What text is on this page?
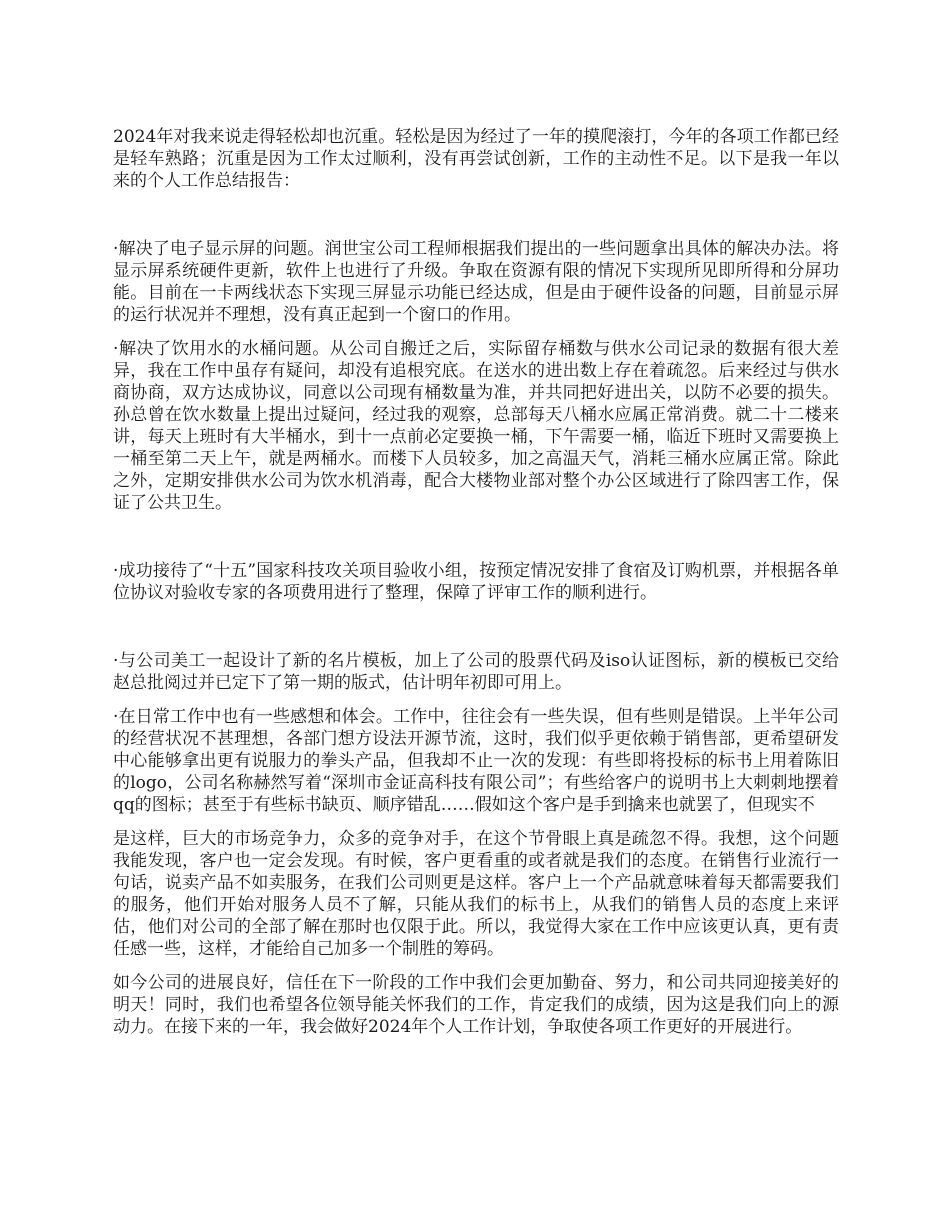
2024年对我来说走得轻松却也沉重。轻松是因为经过了一年的摸爬滚打，今年的各项工作都已经是轻车熟路；沉重是因为工作太过顺利，没有再尝试创新，工作的主动性不足。以下是我一年以来的个人工作总结报告：

·解决了电子显示屏的问题。润世宝公司工程师根据我们提出的一些问题拿出具体的解决办法。将显示屏系统硬件更新，软件上也进行了升级。争取在资源有限的情况下实现所见即所得和分屏功能。目前在一卡两线状态下实现三屏显示功能已经达成，但是由于硬件设备的问题，目前显示屏的运行状况并不理想，没有真正起到一个窗口的作用。

·解决了饮用水的水桶问题。从公司自搬迁之后，实际留存桶数与供水公司记录的数据有很大差异，我在工作中虽存有疑问，却没有追根究底。在送水的进出数上存在着疏忽。后来经过与供水商协商，双方达成协议，同意以公司现有桶数量为准，并共同把好进出关，以防不必要的损失。孙总曾在饮水数量上提出过疑问，经过我的观察，总部每天八桶水应属正常消费。就二十二楼来讲，每天上班时有大半桶水，到十一点前必定要换一桶，下午需要一桶，临近下班时又需要换上一桶至第二天上午，就是两桶水。而楼下人员较多，加之高温天气，消耗三桶水应属正常。除此之外，定期安排供水公司为饮水机消毒，配合大楼物业部对整个办公区域进行了除四害工作，保证了公共卫生。

·成功接待了“十五”国家科技攻关项目验收小组，按预定情况安排了食宿及订购机票，并根据各单位协议对验收专家的各项费用进行了整理，保障了评审工作的顺利进行。

·与公司美工一起设计了新的名片模板，加上了公司的股票代码及iso认证图标，新的模板已交给赵总批阅过并已定下了第一期的版式，估计明年初即可用上。

·在日常工作中也有一些感想和体会。工作中，往往会有一些失误，但有些则是错误。上半年公司的经营状况不甚理想，各部门想方设法开源节流，这时，我们似乎更依赖于销售部，更希望研发中心能够拿出更有说服力的拳头产品，但我却不止一次的发现：有些即将投标的标书上用着陈旧的logo，公司名称赫然写着“深圳市金证高科技有限公司”；有些给客户的说明书上大刺刺地摆着qq的图标；甚至于有些标书缺页、顺序错乱……假如这个客户是手到擒来也就罢了，但现实不

是这样，巨大的市场竞争力，众多的竞争对手，在这个节骨眼上真是疏忽不得。我想，这个问题我能发现，客户也一定会发现。有时候，客户更看重的或者就是我们的态度。在销售行业流行一句话，说卖产品不如卖服务，在我们公司则更是这样。客户上一个产品就意味着每天都需要我们的服务，他们开始对服务人员不了解，只能从我们的标书上，从我们的销售人员的态度上来评估，他们对公司的全部了解在那时也仅限于此。所以，我觉得大家在工作中应该更认真，更有责任感一些，这样，才能给自己加多一个制胜的筹码。

如今公司的进展良好，信任在下一阶段的工作中我们会更加勤奋、努力，和公司共同迎接美好的明天！同时，我们也希望各位领导能关怀我们的工作，肯定我们的成绩，因为这是我们向上的源动力。在接下来的一年，我会做好2024年个人工作计划，争取使各项工作更好的开展进行。
